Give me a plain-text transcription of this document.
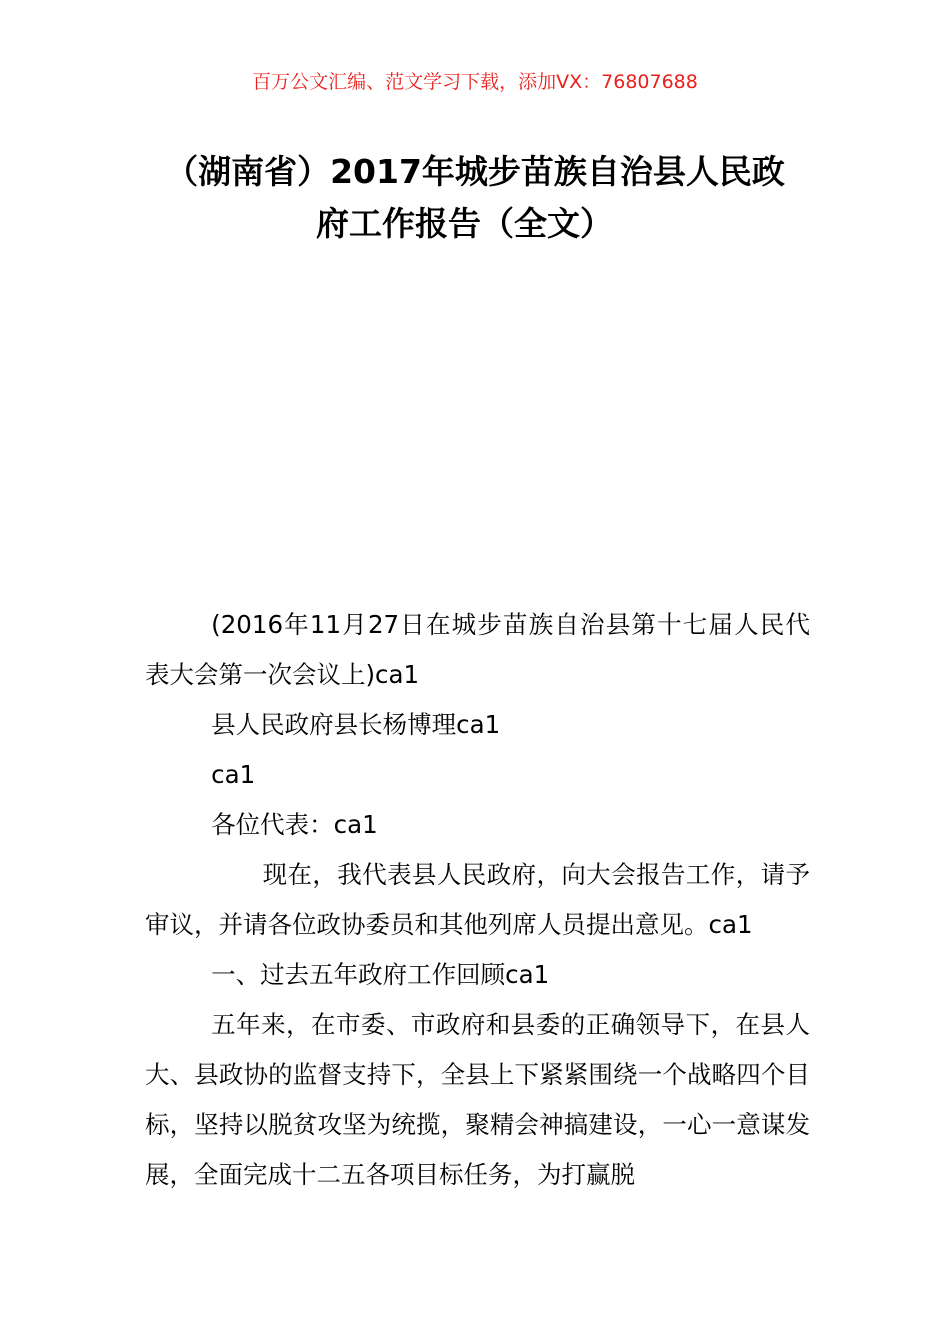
百万公文汇编、范文学习下载，添加VX：76807688
（湖南省）2017年城步苗族自治县人民政
府工作报告（全文）

(2016年11月27日在城步苗族自治县第十七届人民代表大会第一次会议上)ca1

县人民政府县长杨博理ca1

ca1

各位代表：ca1

现在，我代表县人民政府，向大会报告工作，请予审议，并请各位政协委员和其他列席人员提出意见。ca1

一、过去五年政府工作回顾ca1

五年来，在市委、市政府和县委的正确领导下，在县人大、县政协的监督支持下，全县上下紧紧围绕一个战略四个目标，坚持以脱贫攻坚为统揽，聚精会神搞建设，一心一意谋发展，全面完成十二五各项目标任务，为打赢脱
